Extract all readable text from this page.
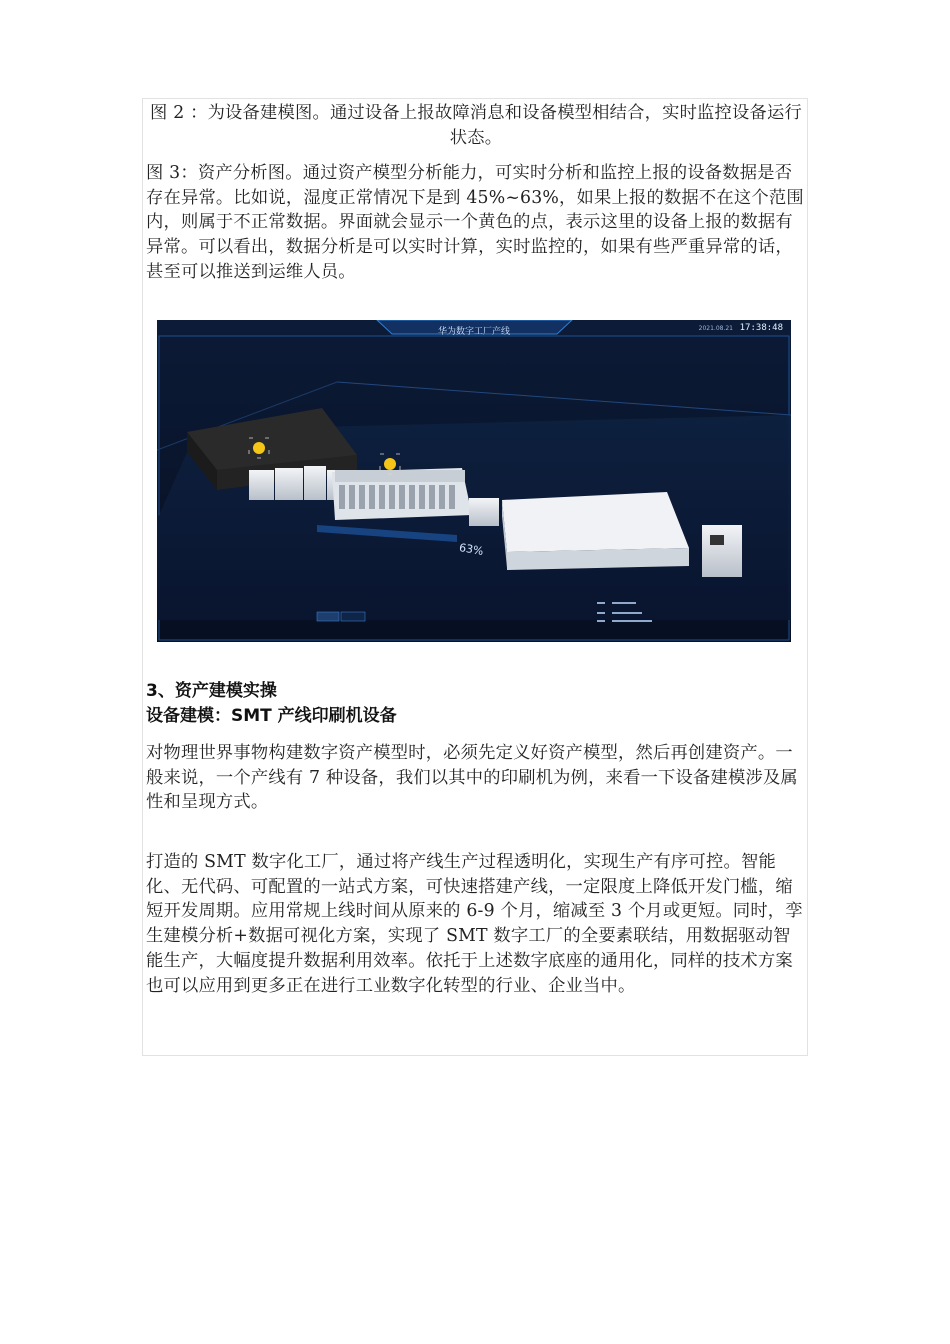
图 2 ：为设备建模图。通过设备上报故障消息和设备模型相结合，实时监控设备运行状态。

图 3：资产分析图。通过资产模型分析能力，可实时分析和监控上报的设备数据是否存在异常。比如说，湿度正常情况下是到 45%~63%，如果上报的数据不在这个范围内，则属于不正常数据。界面就会显示一个黄色的点，表示这里的设备上报的数据有异常。可以看出，数据分析是可以实时计算，实时监控的，如果有些严重异常的话，甚至可以推送到运维人员。

华为数字工厂产线	2021.08.21 17:38:48
63%
3、资产建模实操
设备建模：SMT 产线印刷机设备

对物理世界事物构建数字资产模型时，必须先定义好资产模型，然后再创建资产。一般来说，一个产线有 7 种设备，我们以其中的印刷机为例，来看一下设备建模涉及属性和呈现方式。

打造的 SMT 数字化工厂，通过将产线生产过程透明化，实现生产有序可控。智能化、无代码、可配置的一站式方案，可快速搭建产线，一定限度上降低开发门槛，缩短开发周期。应用常规上线时间从原来的 6-9 个月，缩减至 3 个月或更短。同时，孪生建模分析+数据可视化方案，实现了 SMT 数字工厂的全要素联结，用数据驱动智能生产，大幅度提升数据利用效率。依托于上述数字底座的通用化，同样的技术方案也可以应用到更多正在进行工业数字化转型的行业、企业当中。
